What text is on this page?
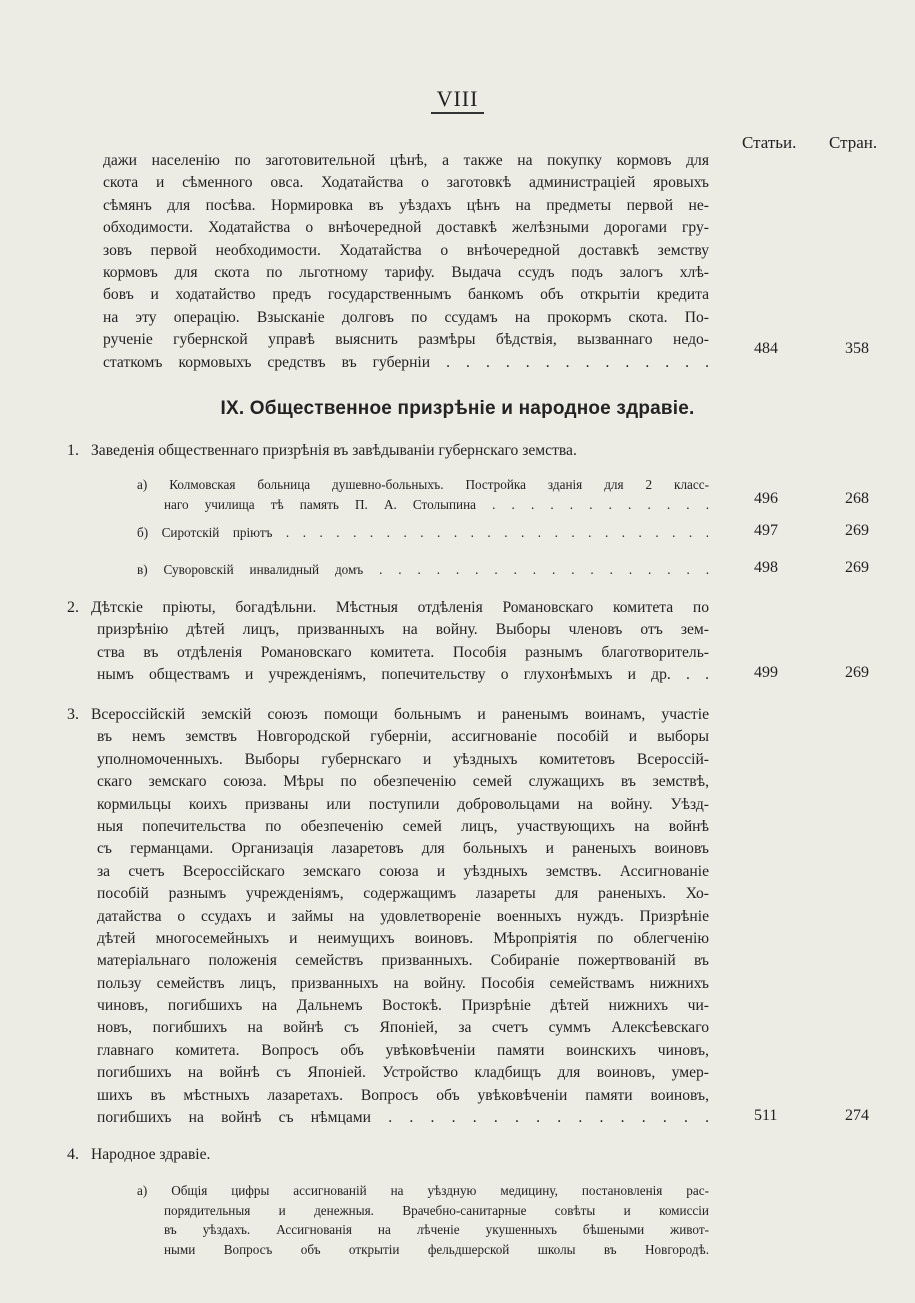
VIII
Статьи. Стран.
дажи населенію по заготовительной цѣнѣ, а также на покупку кормовъ для
скота и сѣменного овса. Ходатайства о заготовкѣ администраціей яровыхъ
сѣмянъ для посѣва. Нормировка въ уѣздахъ цѣнъ на предметы первой не-
обходимости. Ходатайства о внѣочередной доставкѣ желѣзными дорогами гру-
зовъ первой необходимости. Ходатайства о внѣочередной доставкѣ земству
кормовъ для скота по льготному тарифу. Выдача ссудъ подъ залогъ хлѣ-
бовъ и ходатайство предъ государственнымъ банкомъ объ открытіи кредита
на эту операцію. Взысканіе долговъ по ссудамъ на прокормъ скота. По-
рученіе губернской управѣ выяснить размѣры бѣдствія, вызваннаго недо-
статкомъ кормовыхъ средствъ въ губерніи . . . . . . . . . . . . . .
484	358
IX. Общественное призрѣніе и народное здравіе.
1. Заведенія общественнаго призрѣнія въ завѣдываніи губернскаго земства.
а) Колмовская больница душевно-больныхъ. Постройка зданія для 2 класс-
наго училища тѣ память П. А. Столыпина . . . . . . . . . . . .	496	268
б) Сиротскій пріютъ . . . . . . . . . . . . . . . . . . . . . . . . . .	497	269
в) Суворовскій инвалидный домъ . . . . . . . . . . . . . . . . . .	498	269
2. Дѣтскіе пріюты, богадѣльни. Мѣстныя отдѣленія Романовскаго комитета по
призрѣнію дѣтей лицъ, призванныхъ на войну. Выборы членовъ отъ зем-
ства въ отдѣленія Романовскаго комитета. Пособія разнымъ благотворитель-
нымъ обществамъ и учрежденіямъ, попечительству о глухонѣмыхъ и др. . .	499	269
3. Всероссійскій земскій союзъ помощи больнымъ и раненымъ воинамъ, участіе
въ немъ земствъ Новгородской губерніи, ассигнованіе пособій и выборы
уполномоченныхъ. Выборы губернскаго и уѣздныхъ комитетовъ Всероссій-
скаго земскаго союза. Мѣры по обезпеченію семей служащихъ въ земствѣ,
кормильцы коихъ призваны или поступили добровольцами на войну. Уѣзд-
ныя попечительства по обезпеченію семей лицъ, участвующихъ на войнѣ
съ германцами. Организація лазаретовъ для больныхъ и раненыхъ воиновъ
за счетъ Всероссійскаго земскаго союза и уѣздныхъ земствъ. Ассигнованіе
пособій разнымъ учрежденіямъ, содержащимъ лазареты для раненыхъ. Хо-
датайства о ссудахъ и займы на удовлетвореніе военныхъ нуждъ. Призрѣніе
дѣтей многосемейныхъ и неимущихъ воиновъ. Мѣропріятія по облегченію
матеріальнаго положенія семействъ призванныхъ. Собираніе пожертвованій въ
пользу семействъ лицъ, призванныхъ на войну. Пособія семействамъ нижнихъ
чиновъ, погибшихъ на Дальнемъ Востокѣ. Призрѣніе дѣтей нижнихъ чи-
новъ, погибшихъ на войнѣ съ Японіей, за счетъ суммъ Алексѣевскаго
главнаго комитета. Вопросъ объ увѣковѣченіи памяти воинскихъ чиновъ,
погибшихъ на войнѣ съ Японіей. Устройство кладбищъ для воиновъ, умер-
шихъ въ мѣстныхъ лазаретахъ. Вопросъ объ увѣковѣченіи памяти воиновъ,
погибшихъ на войнѣ съ нѣмцами . . . . . . . . . . . . . . . .	511	274
4. Народное здравіе.
а) Общія цифры ассигнованій на уѣздную медицину, постановленія рас-
порядительныя и денежныя. Врачебно-санитарные совѣты и комиссіи
въ уѣздахъ. Ассигнованія на лѣченіе укушенныхъ бѣшеными живот-
ными Вопросъ объ открытіи фельдшерской школы въ Новгородѣ.
